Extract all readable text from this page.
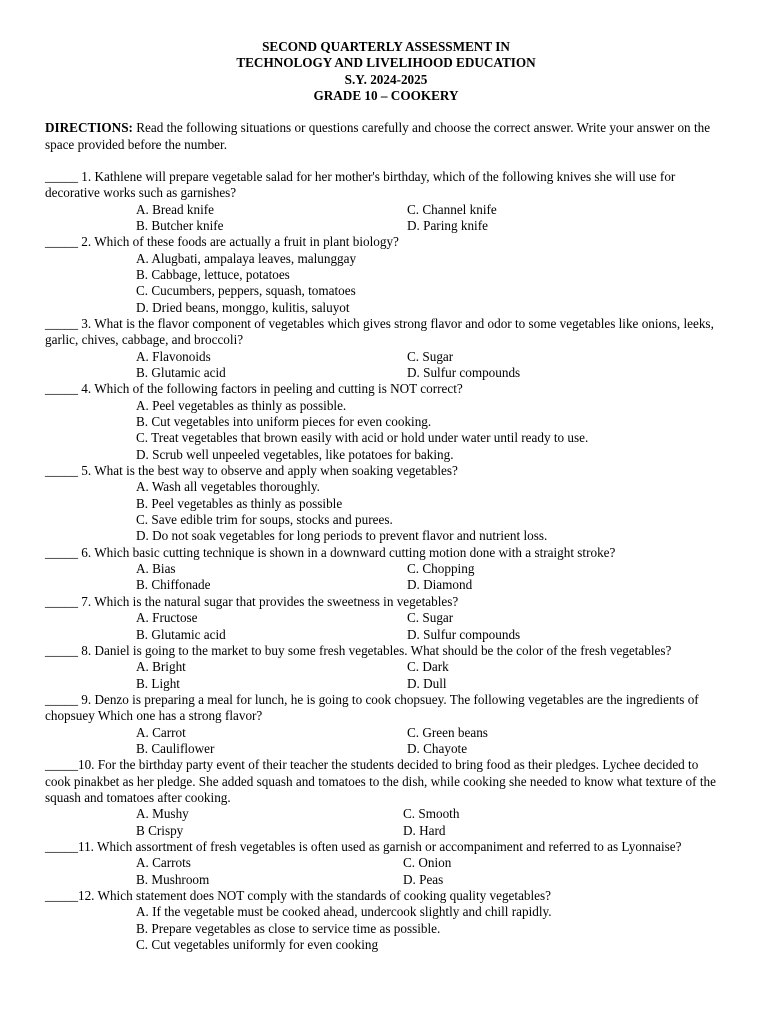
SECOND QUARTERLY ASSESSMENT IN
TECHNOLOGY AND LIVELIHOOD EDUCATION
S.Y. 2024-2025
GRADE 10 – COOKERY
DIRECTIONS: Read the following situations or questions carefully and choose the correct answer. Write your answer on the space provided before the number.
_____ 1. Kathlene will prepare vegetable salad for her mother's birthday, which of the following knives she will use for decorative works such as garnishes?
A. Bread knife	C. Channel knife
B. Butcher knife	D. Paring knife
_____ 2. Which of these foods are actually a fruit in plant biology?
A. Alugbati, ampalaya leaves, malunggay
B. Cabbage, lettuce, potatoes
C. Cucumbers, peppers, squash, tomatoes
D. Dried beans, monggo, kulitis, saluyot
_____ 3. What is the flavor component of vegetables which gives strong flavor and odor to some vegetables like onions, leeks, garlic, chives, cabbage, and broccoli?
A. Flavonoids	C. Sugar
B. Glutamic acid	D. Sulfur compounds
_____ 4. Which of the following factors in peeling and cutting is NOT correct?
A. Peel vegetables as thinly as possible.
B. Cut vegetables into uniform pieces for even cooking.
C. Treat vegetables that brown easily with acid or hold under water until ready to use.
D. Scrub well unpeeled vegetables, like potatoes for baking.
_____ 5. What is the best way to observe and apply when soaking vegetables?
A. Wash all vegetables thoroughly.
B. Peel vegetables as thinly as possible
C. Save edible trim for soups, stocks and purees.
D. Do not soak vegetables for long periods to prevent flavor and nutrient loss.
_____ 6. Which basic cutting technique is shown in a downward cutting motion done with a straight stroke?
A. Bias	C. Chopping
B. Chiffonade	D. Diamond
_____ 7. Which is the natural sugar that provides the sweetness in vegetables?
A. Fructose	C. Sugar
B. Glutamic acid	D. Sulfur compounds
_____ 8. Daniel is going to the market to buy some fresh vegetables. What should be the color of the fresh vegetables?
A. Bright	C. Dark
B. Light	D. Dull
_____ 9. Denzo is preparing a meal for lunch, he is going to cook chopsuey. The following vegetables are the ingredients of chopsuey Which one has a strong flavor?
A. Carrot	C. Green beans
B. Cauliflower	D. Chayote
_____10. For the birthday party event of their teacher the students decided to bring food as their pledges. Lychee decided to cook pinakbet as her pledge. She added squash and tomatoes to the dish, while cooking she needed to know what texture of the squash and tomatoes after cooking.
A. Mushy	C. Smooth
B Crispy	D. Hard
_____11. Which assortment of fresh vegetables is often used as garnish or accompaniment and referred to as Lyonnaise?
A. Carrots	C. Onion
B. Mushroom	D. Peas
_____12. Which statement does NOT comply with the standards of cooking quality vegetables?
A. If the vegetable must be cooked ahead, undercook slightly and chill rapidly.
B. Prepare vegetables as close to service time as possible.
C. Cut vegetables uniformly for even cooking
